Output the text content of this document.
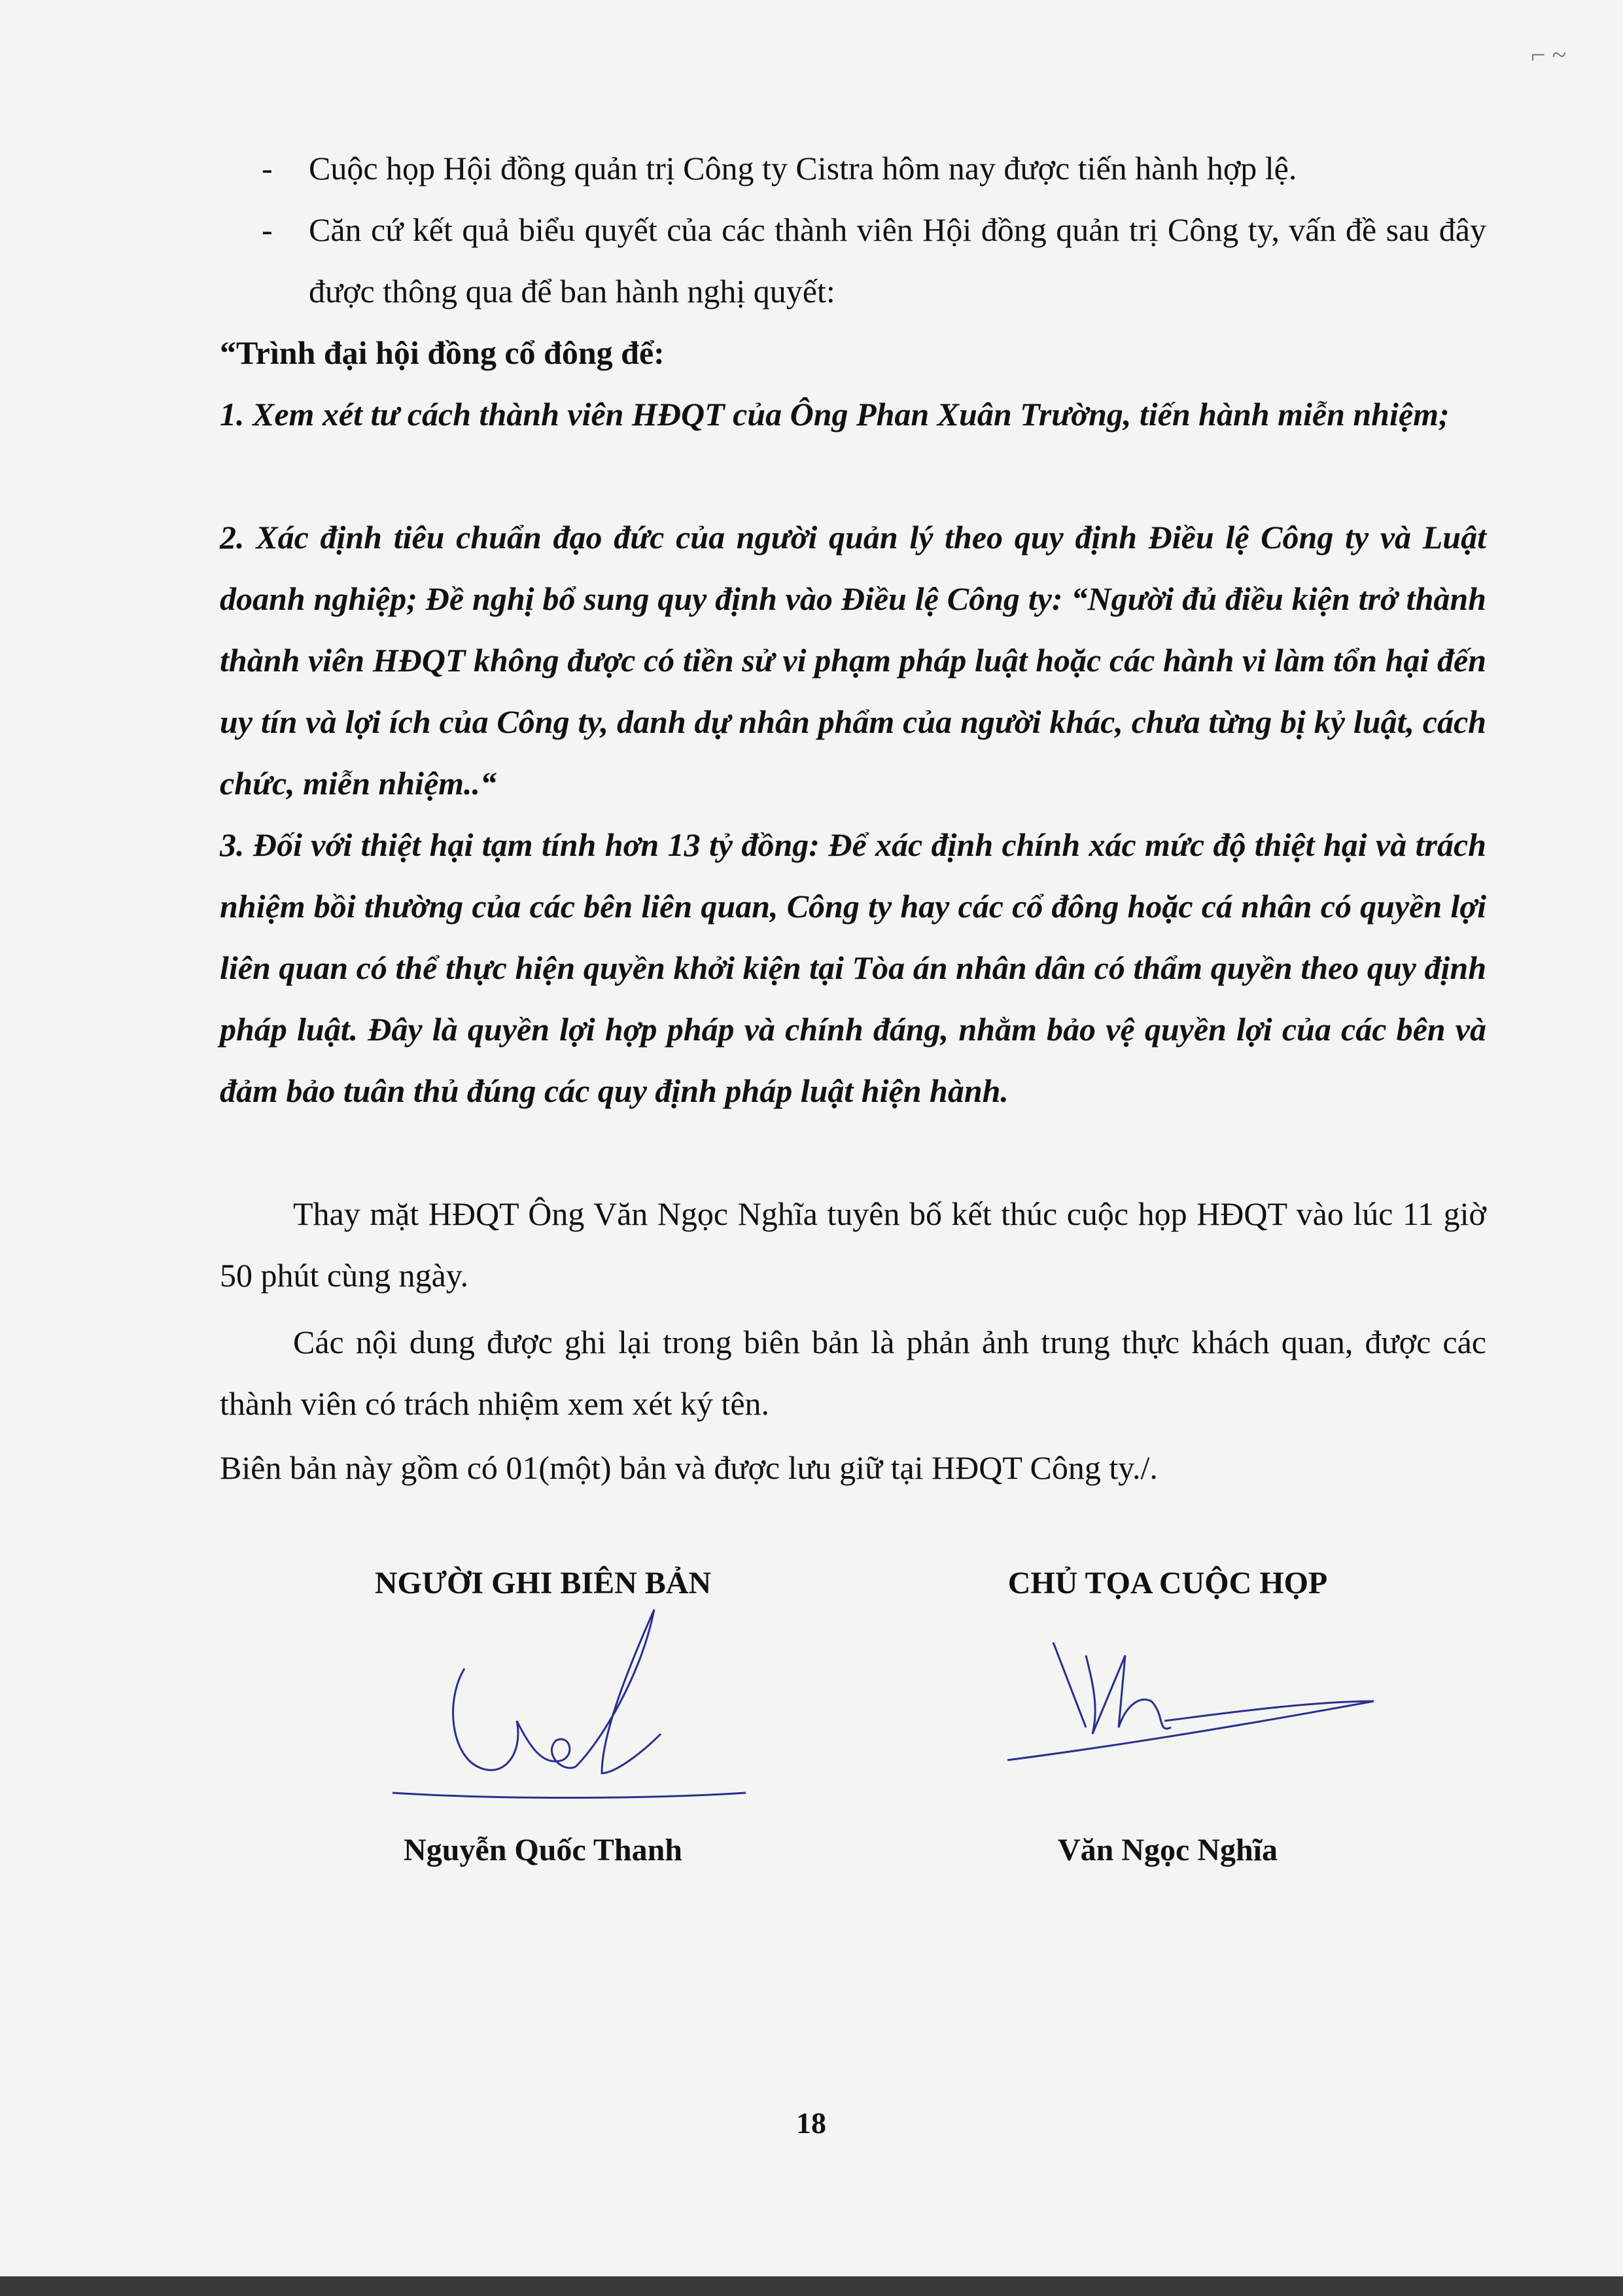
⌐ ~
- Cuộc họp Hội đồng quản trị Công ty Cistra hôm nay được tiến hành hợp lệ.
- Căn cứ kết quả biểu quyết của các thành viên Hội đồng quản trị Công ty, vấn đề sau đây được thông qua để ban hành nghị quyết:
“Trình đại hội đồng cổ đông để:
1. Xem xét tư cách thành viên HĐQT của Ông Phan Xuân Trường, tiến hành miễn nhiệm;
2. Xác định tiêu chuẩn đạo đức của người quản lý theo quy định Điều lệ Công ty và Luật doanh nghiệp; Đề nghị bổ sung quy định vào Điều lệ Công ty: “Người đủ điều kiện trở thành thành viên HĐQT không được có tiền sử vi phạm pháp luật hoặc các hành vi làm tổn hại đến uy tín và lợi ích của Công ty, danh dự nhân phẩm của người khác, chưa từng bị kỷ luật, cách chức, miễn nhiệm..“
3. Đối với thiệt hại tạm tính hơn 13 tỷ đồng: Để xác định chính xác mức độ thiệt hại và trách nhiệm bồi thường của các bên liên quan, Công ty hay các cổ đông hoặc cá nhân có quyền lợi liên quan có thể thực hiện quyền khởi kiện tại Tòa án nhân dân có thẩm quyền theo quy định pháp luật. Đây là quyền lợi hợp pháp và chính đáng, nhằm bảo vệ quyền lợi của các bên và đảm bảo tuân thủ đúng các quy định pháp luật hiện hành.
Thay mặt HĐQT Ông Văn Ngọc Nghĩa tuyên bố kết thúc cuộc họp HĐQT vào lúc 11 giờ 50 phút cùng ngày.
Các nội dung được ghi lại trong biên bản là phản ảnh trung thực khách quan, được các thành viên có trách nhiệm xem xét ký tên.
Biên bản này gồm có 01(một) bản và được lưu giữ tại HĐQT Công ty./.
NGƯỜI GHI BIÊN BẢN	CHỦ TỌA CUỘC HỌP
Nguyễn Quốc Thanh	Văn Ngọc Nghĩa
18
